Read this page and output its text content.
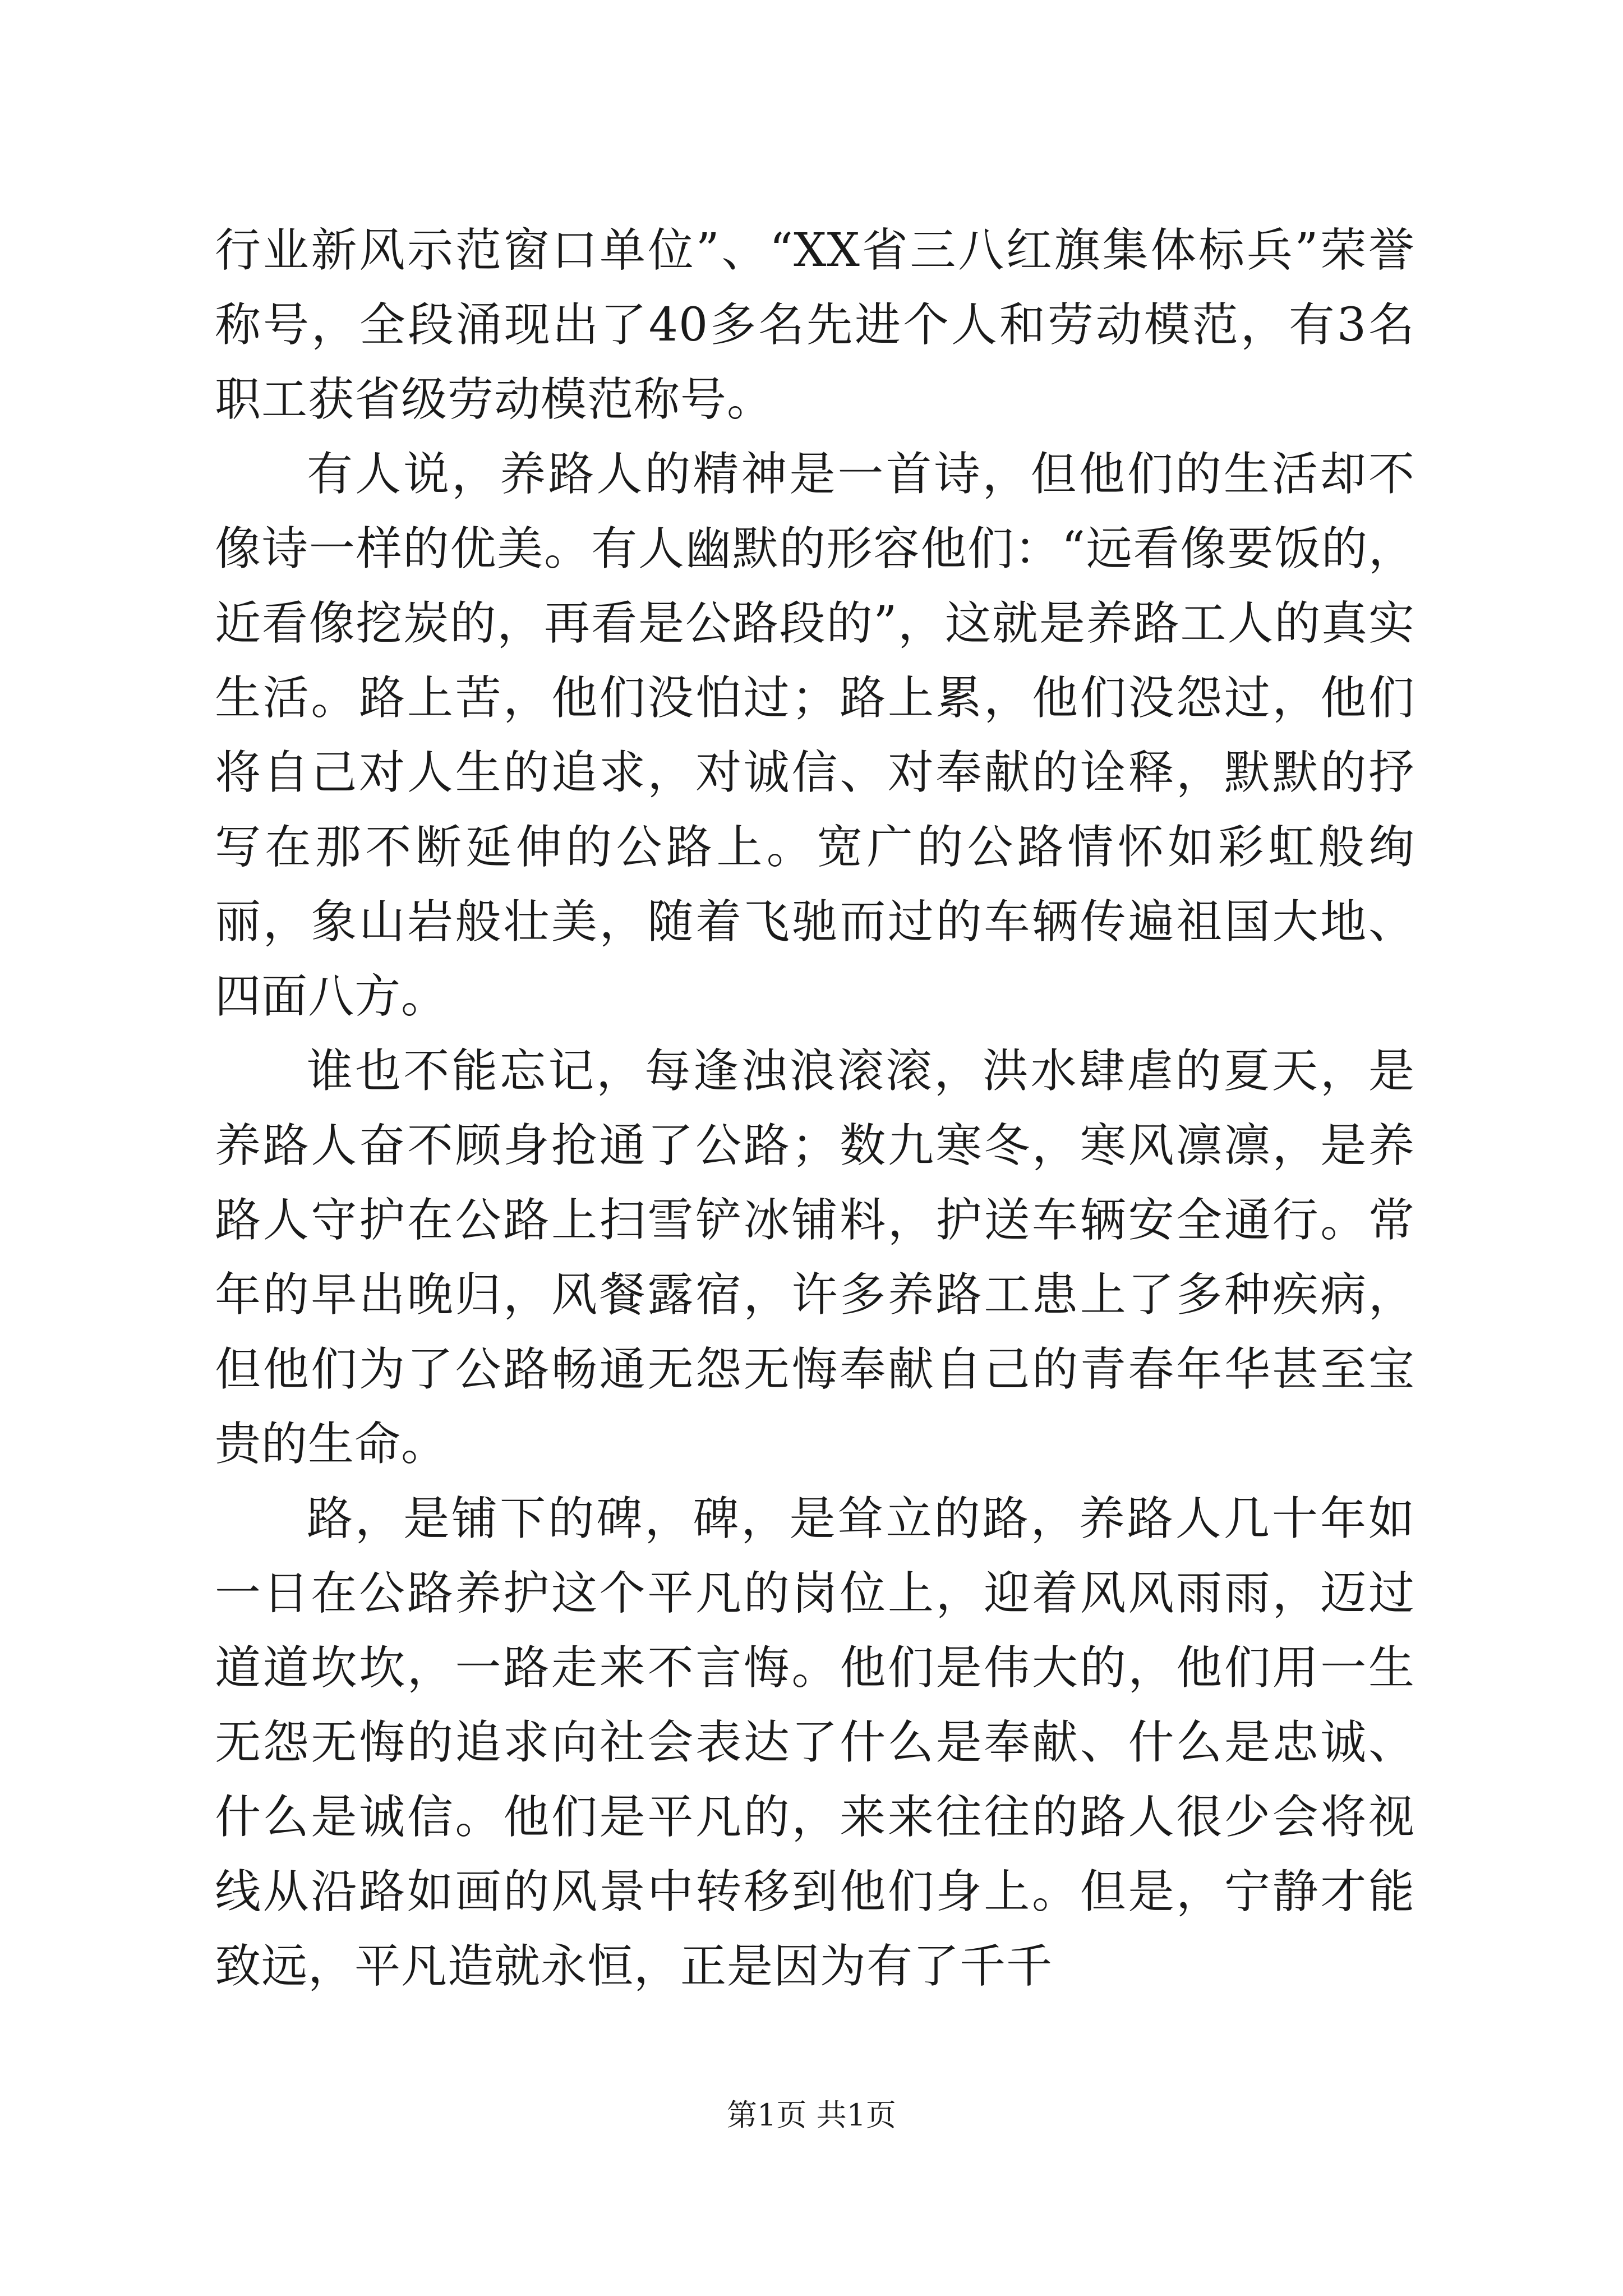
行业新风示范窗口单位”、“XX省三八红旗集体标兵”荣誉称号，全段涌现出了40多名先进个人和劳动模范，有3名职工获省级劳动模范称号。

有人说，养路人的精神是一首诗，但他们的生活却不像诗一样的优美。有人幽默的形容他们：“远看像要饭的，近看像挖炭的，再看是公路段的”，这就是养路工人的真实生活。路上苦，他们没怕过；路上累，他们没怨过，他们将自己对人生的追求，对诚信、对奉献的诠释，默默的抒写在那不断延伸的公路上。宽广的公路情怀如彩虹般绚丽，象山岩般壮美，随着飞驰而过的车辆传遍祖国大地、四面八方。

谁也不能忘记，每逢浊浪滚滚，洪水肆虐的夏天，是养路人奋不顾身抢通了公路；数九寒冬，寒风凛凛，是养路人守护在公路上扫雪铲冰铺料，护送车辆安全通行。常年的早出晚归，风餐露宿，许多养路工患上了多种疾病，但他们为了公路畅通无怨无悔奉献自己的青春年华甚至宝贵的生命。

路，是铺下的碑，碑，是耸立的路，养路人几十年如一日在公路养护这个平凡的岗位上，迎着风风雨雨，迈过道道坎坎，一路走来不言悔。他们是伟大的，他们用一生无怨无悔的追求向社会表达了什么是奉献、什么是忠诚、什么是诚信。他们是平凡的，来来往往的路人很少会将视线从沿路如画的风景中转移到他们身上。但是，宁静才能致远，平凡造就永恒，正是因为有了千千

第1页 共1页
